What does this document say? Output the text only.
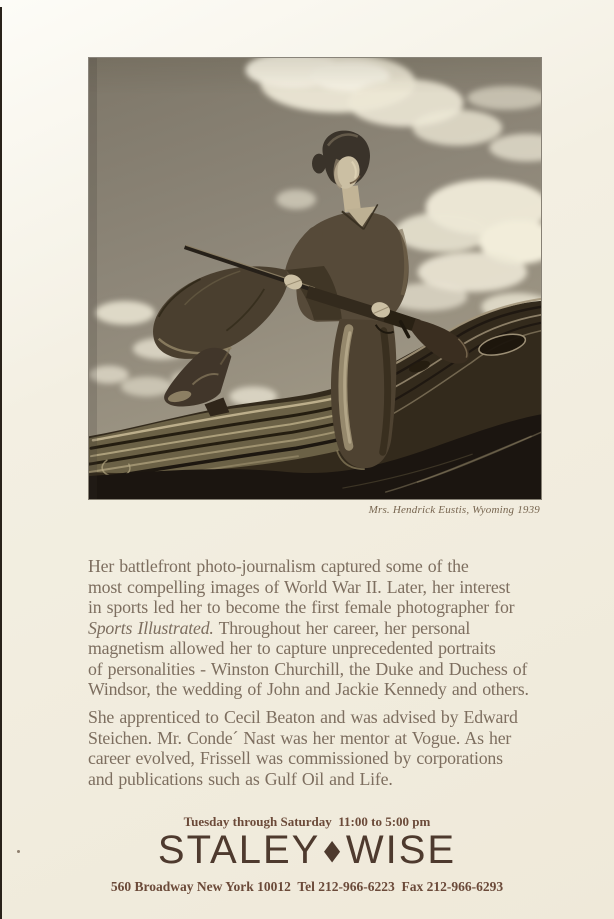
Mrs. Hendrick Eustis, Wyoming 1939
Her battlefront photo-journalism captured some of the
most compelling images of World War II. Later, her interest
in sports led her to become the first female photographer for
Sports Illustrated. Throughout her career, her personal
magnetism allowed her to capture unprecedented portraits
of personalities - Winston Churchill, the Duke and Duchess of
Windsor, the wedding of John and Jackie Kennedy and others.
She apprenticed to Cecil Beaton and was advised by Edward
Steichen. Mr. Conde´ Nast was her mentor at Vogue. As her
career evolved, Frissell was commissioned by corporations
and publications such as Gulf Oil and Life.
Tuesday through Saturday  11:00 to 5:00 pm
STALEY ◆WISE
560 Broadway New York 10012  Tel 212-966-6223  Fax 212-966-6293
